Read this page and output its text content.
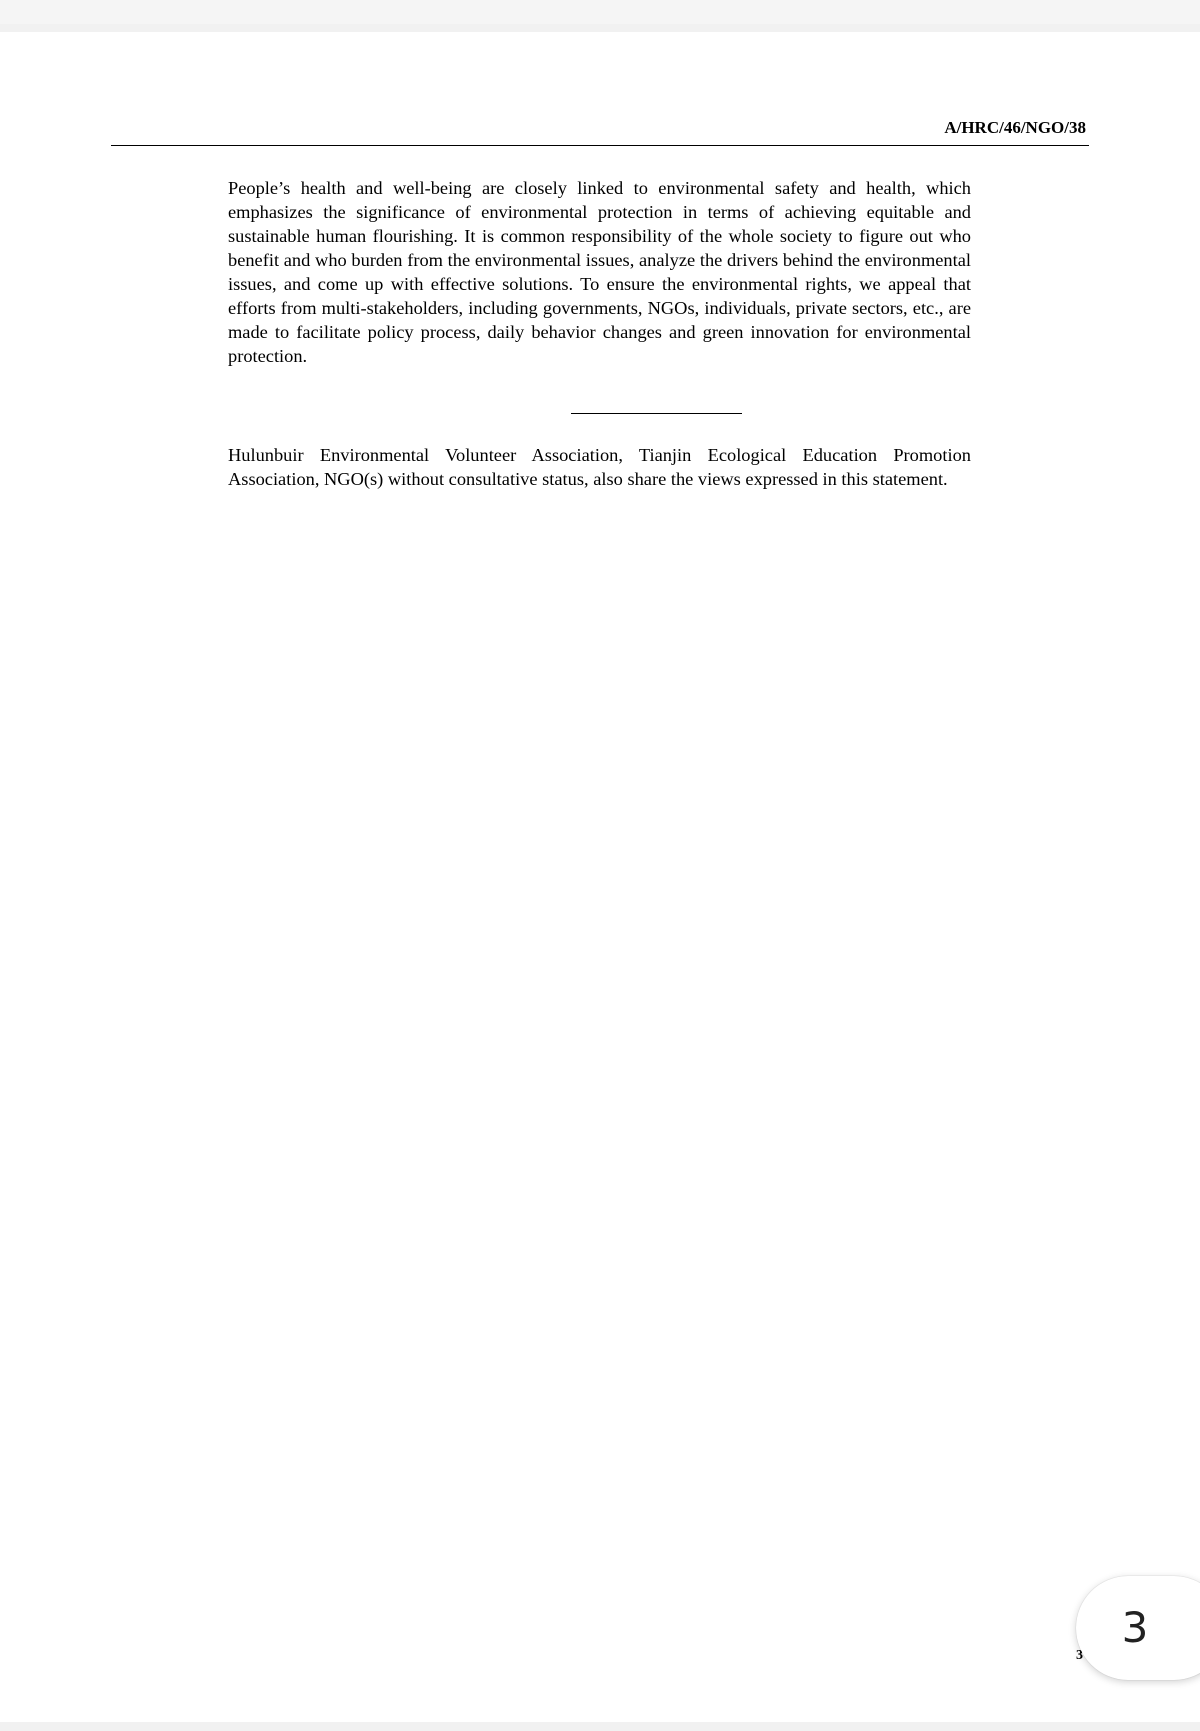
A/HRC/46/NGO/38

People’s health and well-being are closely linked to environmental safety and health, which emphasizes the significance of environmental protection in terms of achieving equitable and sustainable human flourishing. It is common responsibility of the whole society to figure out who benefit and who burden from the environmental issues, analyze the drivers behind the environmental issues, and come up with effective solutions. To ensure the environmental rights, we appeal that efforts from multi-stakeholders, including governments, NGOs, individuals, private sectors, etc., are made to facilitate policy process, daily behavior changes and green innovation for environmental protection.

Hulunbuir Environmental Volunteer Association, Tianjin Ecological Education Promotion Association, NGO(s) without consultative status, also share the views expressed in this statement.

3
3
